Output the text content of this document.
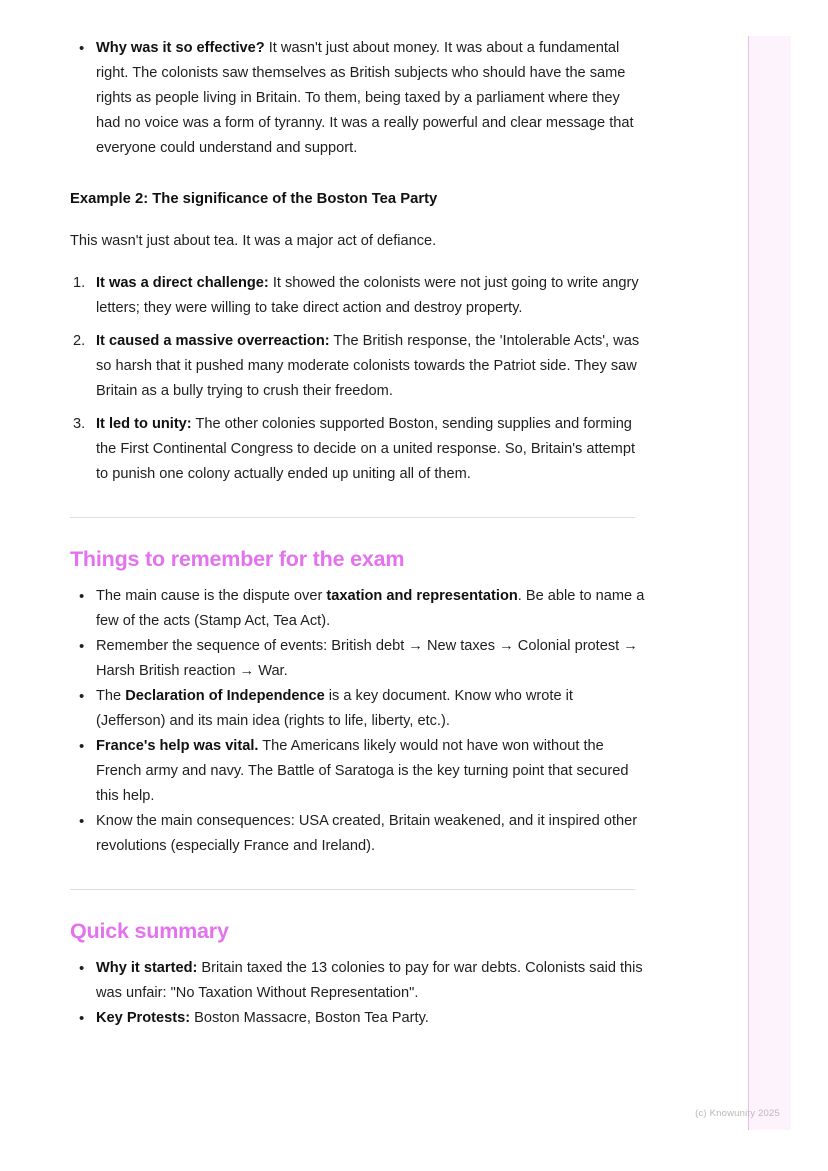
• Why was it so effective? It wasn't just about money. It was about a fundamental right. The colonists saw themselves as British subjects who should have the same rights as people living in Britain. To them, being taxed by a parliament where they had no voice was a form of tyranny. It was a really powerful and clear message that everyone could understand and support.

Example 2: The significance of the Boston Tea Party

This wasn't just about tea. It was a major act of defiance.

It was a direct challenge: It showed the colonists were not just going to write angry letters; they were willing to take direct action and destroy property.
It caused a massive overreaction: The British response, the 'Intolerable Acts', was so harsh that it pushed many moderate colonists towards the Patriot side. They saw Britain as a bully trying to crush their freedom.
It led to unity: The other colonies supported Boston, sending supplies and forming the First Continental Congress to decide on a united response. So, Britain's attempt to punish one colony actually ended up uniting all of them.
Things to remember for the exam
• The main cause is the dispute over taxation and representation. Be able to name a few of the acts (Stamp Act, Tea Act).
• Remember the sequence of events: British debt → New taxes → Colonial protest → Harsh British reaction → War.
• The Declaration of Independence is a key document. Know who wrote it (Jefferson) and its main idea (rights to life, liberty, etc.).
• France's help was vital. The Americans likely would not have won without the French army and navy. The Battle of Saratoga is the key turning point that secured this help.
• Know the main consequences: USA created, Britain weakened, and it inspired other revolutions (especially France and Ireland).
Quick summary
• Why it started: Britain taxed the 13 colonies to pay for war debts. Colonists said this was unfair: "No Taxation Without Representation".
• Key Protests: Boston Massacre, Boston Tea Party.
(c) Knowunity 2025
